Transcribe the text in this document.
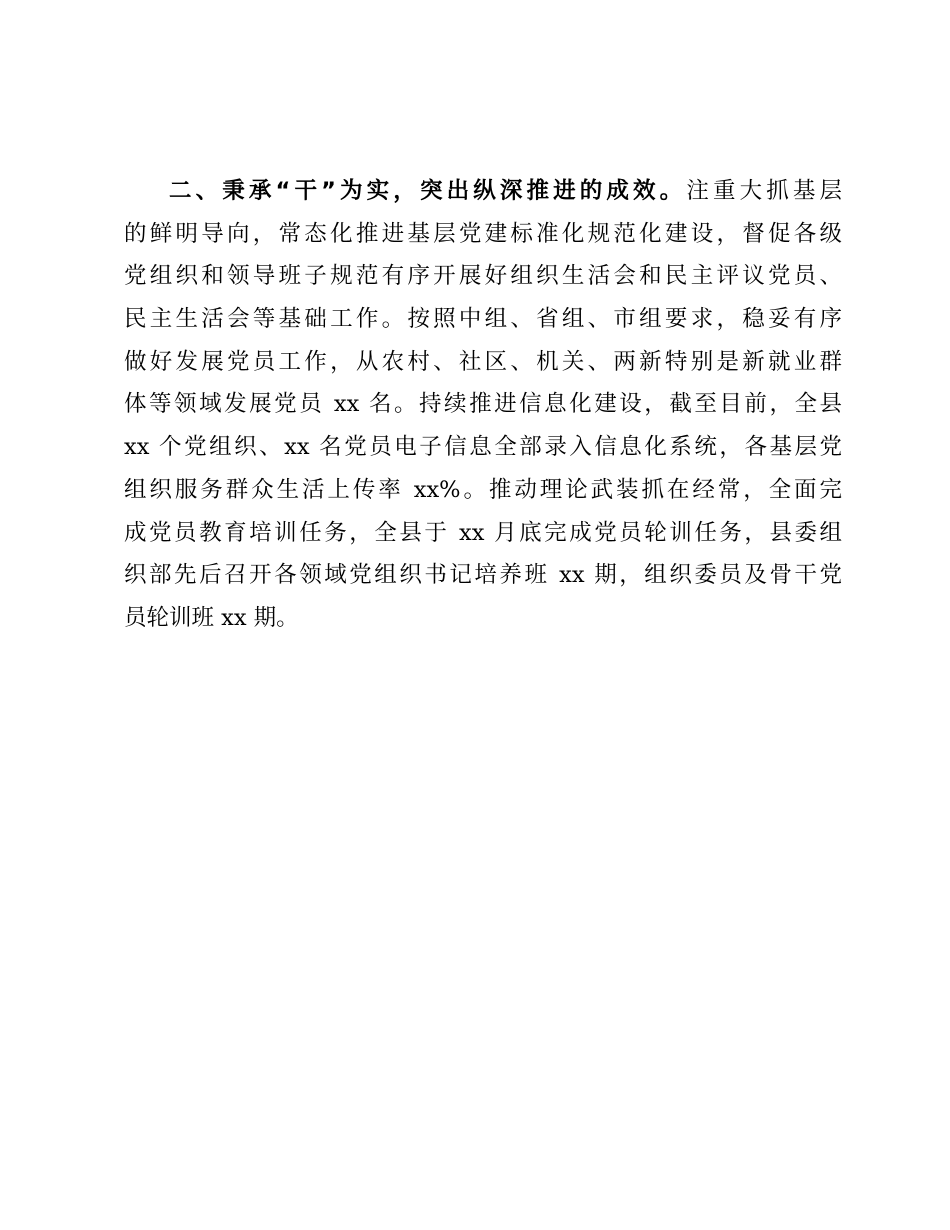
二、秉承“干”为实，突出纵深推进的成效。注重大抓基层
的鲜明导向，常态化推进基层党建标准化规范化建设，督促各级
党组织和领导班子规范有序开展好组织生活会和民主评议党员、
民主生活会等基础工作。按照中组、省组、市组要求，稳妥有序
做好发展党员工作，从农村、社区、机关、两新特别是新就业群
体等领域发展党员 xx 名。持续推进信息化建设，截至目前，全县
xx 个党组织、xx 名党员电子信息全部录入信息化系统，各基层党
组织服务群众生活上传率 xx%。推动理论武装抓在经常，全面完
成党员教育培训任务，全县于 xx 月底完成党员轮训任务，县委组
织部先后召开各领域党组织书记培养班 xx 期，组织委员及骨干党
员轮训班 xx 期。
